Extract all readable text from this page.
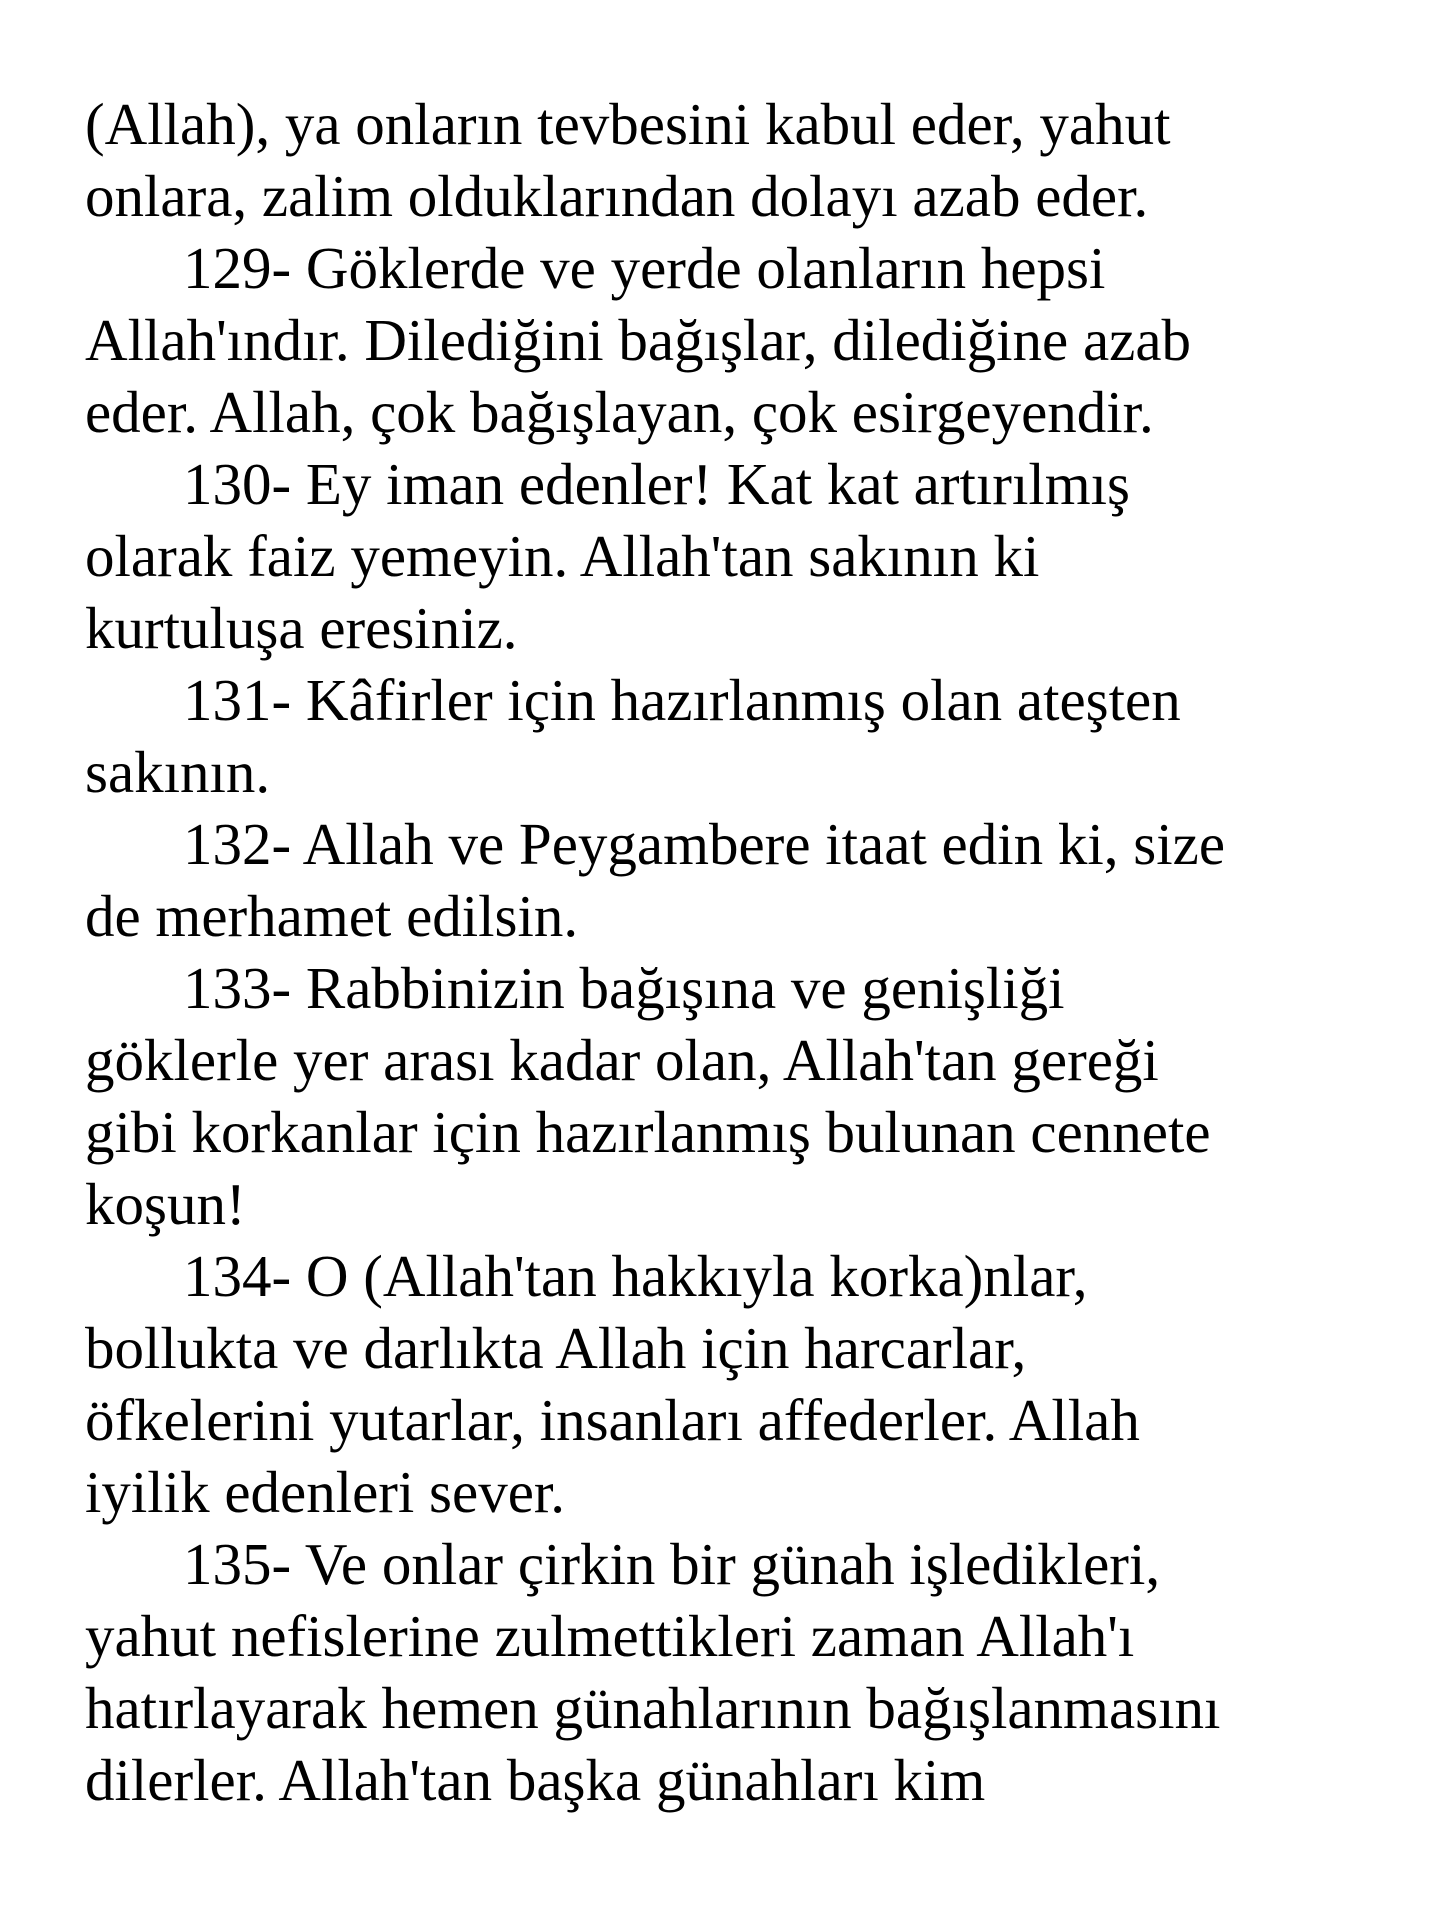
(Allah), ya onların tevbesini kabul eder, yahut
onlara, zalim olduklarından dolayı azab eder.
129- Göklerde ve yerde olanların hepsi
Allah'ındır. Dilediğini bağışlar, dilediğine azab
eder. Allah, çok bağışlayan, çok esirgeyendir.
130- Ey iman edenler! Kat kat artırılmış
olarak faiz yemeyin. Allah'tan sakının ki
kurtuluşa eresiniz.
131- Kâfirler için hazırlanmış olan ateşten
sakının.
132- Allah ve Peygambere itaat edin ki, size
de merhamet edilsin.
133- Rabbinizin bağışına ve genişliği
göklerle yer arası kadar olan, Allah'tan gereği
gibi korkanlar için hazırlanmış bulunan cennete
koşun!
134- O (Allah'tan hakkıyla korka)nlar,
bollukta ve darlıkta Allah için harcarlar,
öfkelerini yutarlar, insanları affederler. Allah
iyilik edenleri sever.
135- Ve onlar çirkin bir günah işledikleri,
yahut nefislerine zulmettikleri zaman Allah'ı
hatırlayarak hemen günahlarının bağışlanmasını
dilerler. Allah'tan başka günahları kim
